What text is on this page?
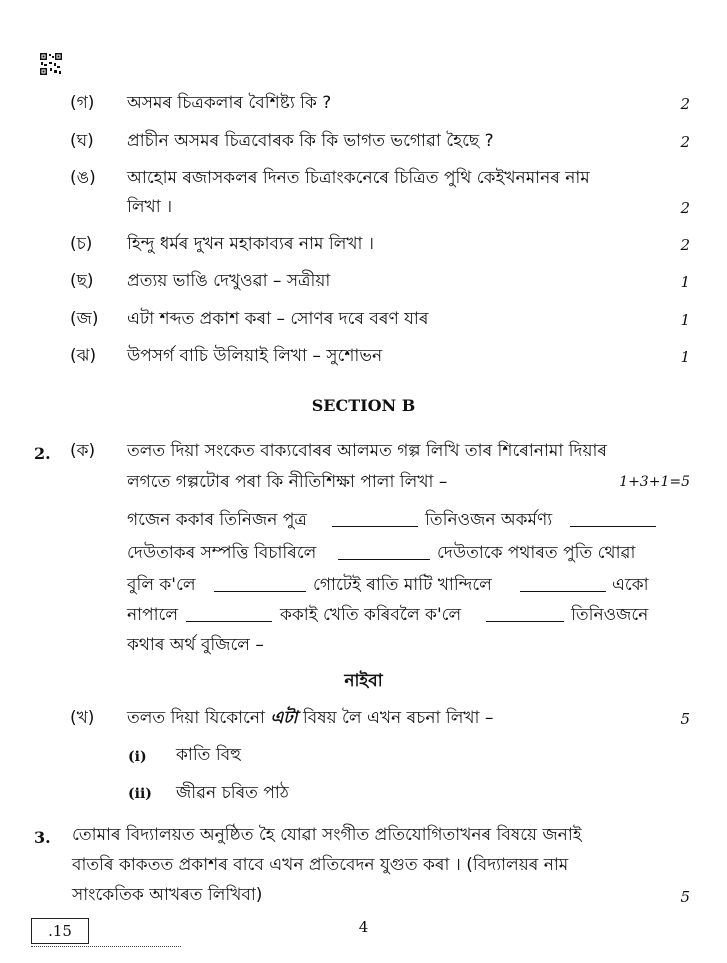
(গ)	অসমৰ চিত্ৰকলাৰ বৈশিষ্ট্য কি ?	2
(ঘ)	প্ৰাচীন অসমৰ চিত্ৰবোৰক কি কি ভাগত ভগোৱা হৈছে ?	2
(ঙ)	আহোম ৰজাসকলৰ দিনত চিত্ৰাংকনেৰে চিত্ৰিত পুথি কেইখনমানৰ নাম
লিখা ।	2
(চ)	হিন্দু ধৰ্মৰ দুখন মহাকাব্যৰ নাম লিখা ।	2
(ছ)	প্ৰত্যয় ভাঙি দেখুওৱা – সত্ৰীয়া	1
(জ)	এটা শব্দত প্ৰকাশ কৰা – সোণৰ দৰে বৰণ যাৰ	1
(ঝ)	উপসৰ্গ বাচি উলিয়াই লিখা – সুশোভন	1
SECTION B
2. (ক)	তলত দিয়া সংকেত বাক্যবোৰৰ আলমত গল্প লিখি তাৰ শিৰোনামা দিয়াৰ
লগতে গল্পটোৰ পৰা কি নীতিশিক্ষা পালা লিখা –	1+3+1=5
গজেন ককাৰ তিনিজন পুত্ৰ	তিনিওজন অকৰ্মণ্য
দেউতাকৰ সম্পত্তি বিচাৰিলে	দেউতাকে পথাৰত পুতি থোৱা
বুলি ক'লে	গোটেই ৰাতি মাটি খান্দিলে	একো
নাপালে	ককাই খেতি কৰিবলৈ ক'লে	তিনিওজনে
কথাৰ অৰ্থ বুজিলে –
নাইবা
(খ)	তলত দিয়া যিকোনো এটা বিষয় লৈ এখন ৰচনা লিখা –	5
(i) কাতি বিহু
(ii) জীৱন চৰিত পাঠ
3. তোমাৰ বিদ্যালয়ত অনুষ্ঠিত হৈ যোৱা সংগীত প্ৰতিযোগিতাখনৰ বিষয়ে জনাই
বাতৰি কাকতত প্ৰকাশৰ বাবে এখন প্ৰতিবেদন যুগুত কৰা । (বিদ্যালয়ৰ নাম
সাংকেতিক আখৰত লিখিবা)	5
.15	4
